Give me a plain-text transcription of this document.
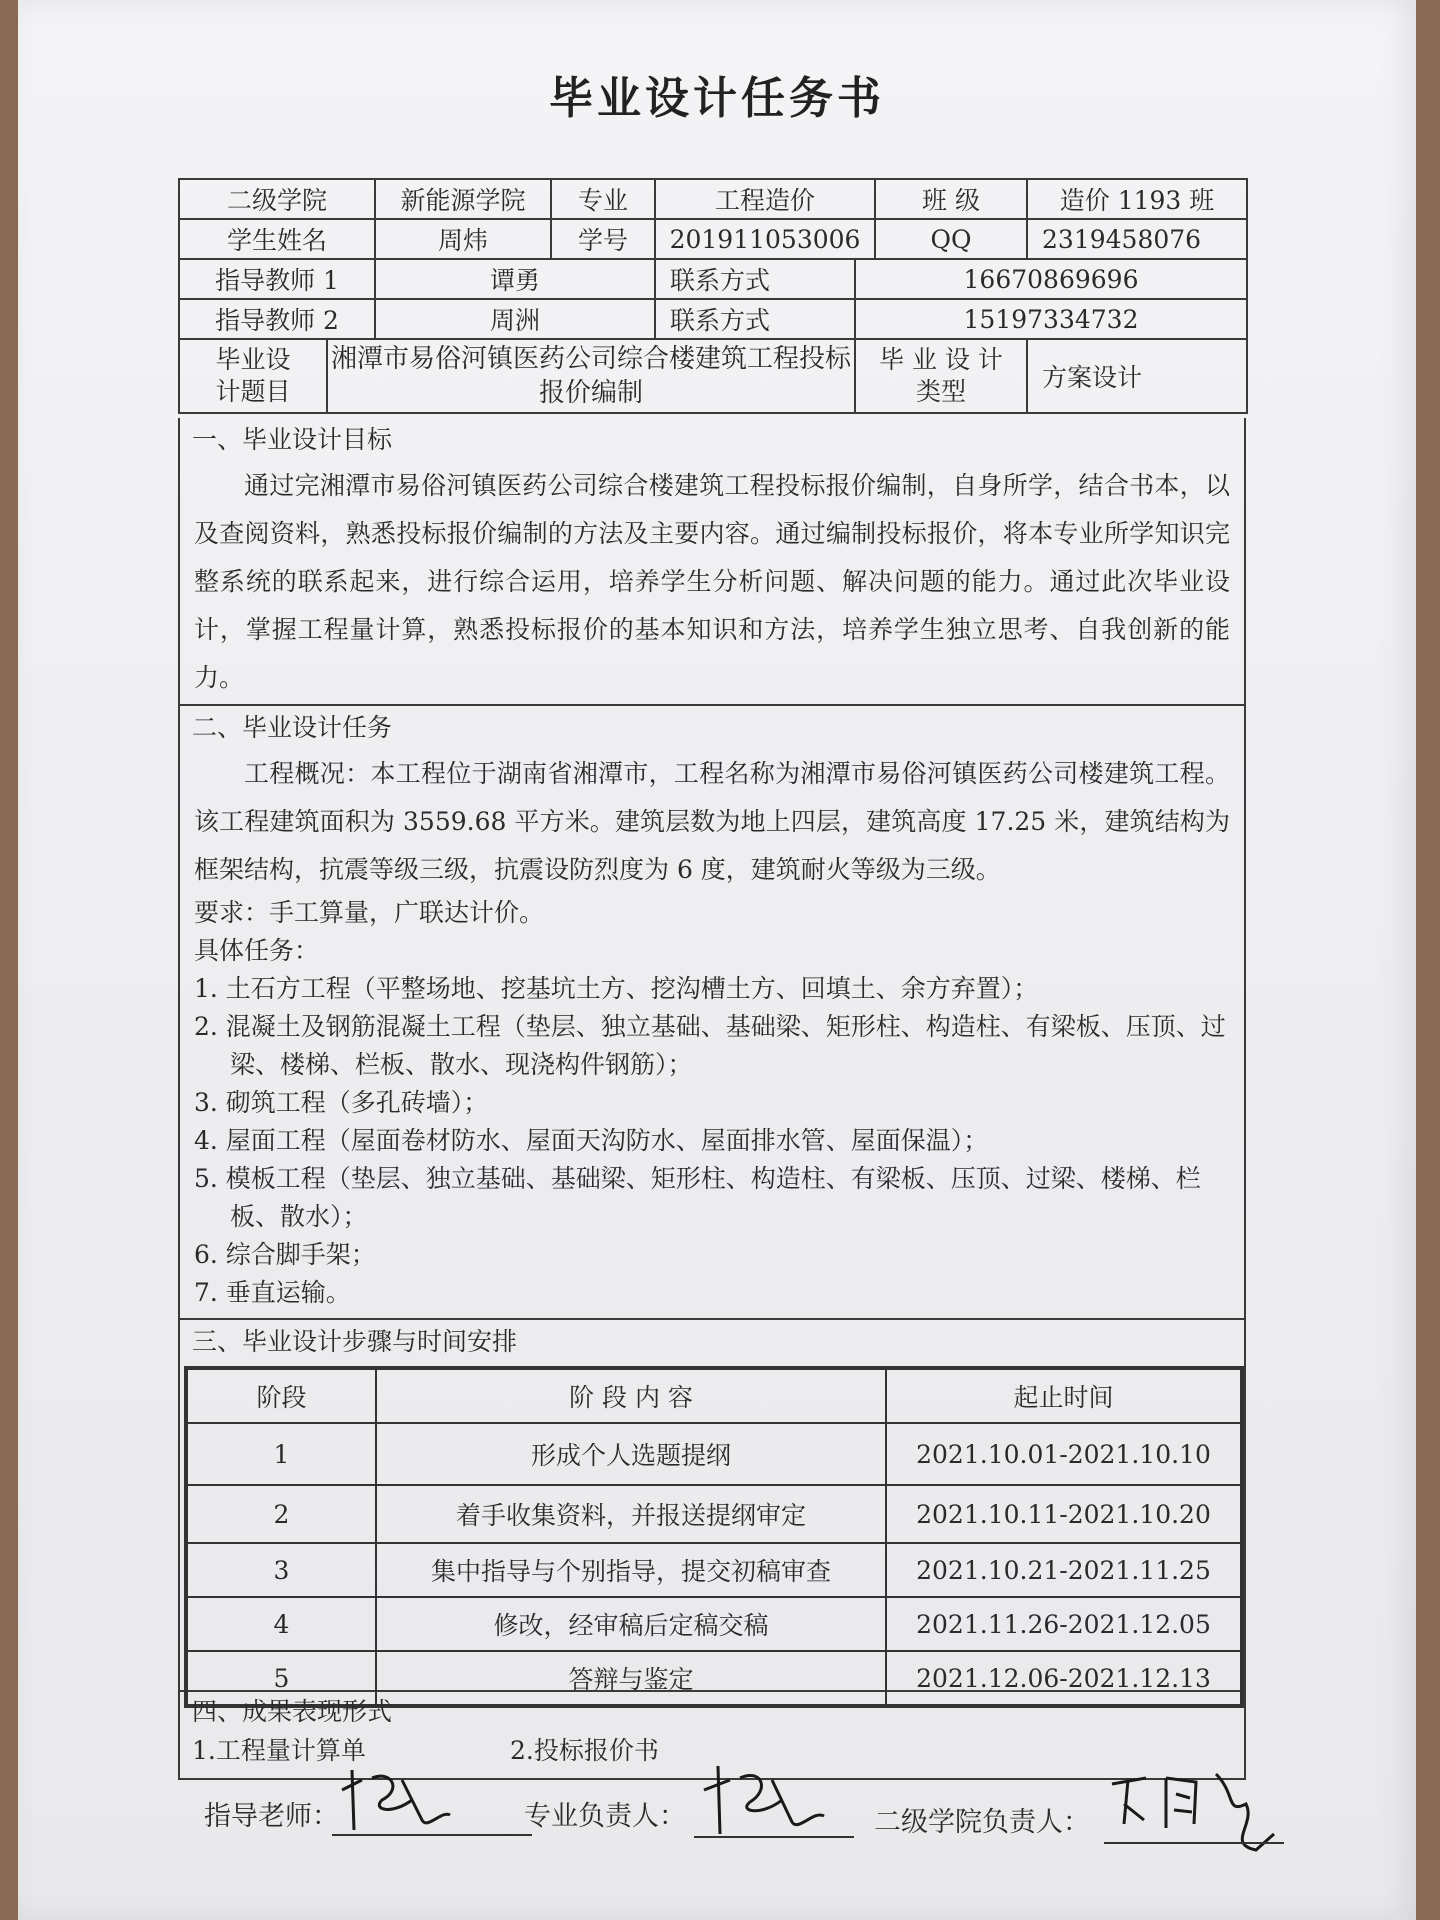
毕业设计任务书
二级学院		新能源学院	专业	工程造价		班 级	造价 1193 班
学生姓名		周炜	学号	201911053006		QQ	2319458076
指导教师 1		谭勇		联系方式	16670869696		
指导教师 2		周洲		联系方式	15197334732		
毕业设计题目	湘潭市易俗河镇医药公司综合楼建筑工程投标报价编制				毕 业 设 计类型		方案设计
一、毕业设计目标
通过完湘潭市易俗河镇医药公司综合楼建筑工程投标报价编制，自身所学，结合书本，以及查阅资料，熟悉投标报价编制的方法及主要内容。通过编制投标报价，将本专业所学知识完整系统的联系起来，进行综合运用，培养学生分析问题、解决问题的能力。通过此次毕业设计，掌握工程量计算，熟悉投标报价的基本知识和方法，培养学生独立思考、自我创新的能力。
二、毕业设计任务
工程概况：本工程位于湖南省湘潭市，工程名称为湘潭市易俗河镇医药公司楼建筑工程。该工程建筑面积为 3559.68 平方米。建筑层数为地上四层，建筑高度 17.25 米，建筑结构为框架结构，抗震等级三级，抗震设防烈度为 6 度，建筑耐火等级为三级。
要求：手工算量，广联达计价。
具体任务：
1. 土石方工程（平整场地、挖基坑土方、挖沟槽土方、回填土、余方弃置）；
2. 混凝土及钢筋混凝土工程（垫层、独立基础、基础梁、矩形柱、构造柱、有梁板、压顶、过梁、楼梯、栏板、散水、现浇构件钢筋）；
3. 砌筑工程（多孔砖墙）；
4. 屋面工程（屋面卷材防水、屋面天沟防水、屋面排水管、屋面保温）；
5. 模板工程（垫层、独立基础、基础梁、矩形柱、构造柱、有梁板、压顶、过梁、楼梯、栏板、散水）；
6. 综合脚手架；
7. 垂直运输。
三、毕业设计步骤与时间安排
阶段	阶 段 内 容	起止时间
1	形成个人选题提纲	2021.10.01-2021.10.10
2	着手收集资料，并报送提纲审定	2021.10.11-2021.10.20
3	集中指导与个别指导，提交初稿审查	2021.10.21-2021.11.25
4	修改，经审稿后定稿交稿	2021.11.26-2021.12.05
5	答辩与鉴定	2021.12.06-2021.12.13
四、成果表现形式
1.工程量计算单	2.投标报价书
指导老师：	专业负责人：	二级学院负责人：
